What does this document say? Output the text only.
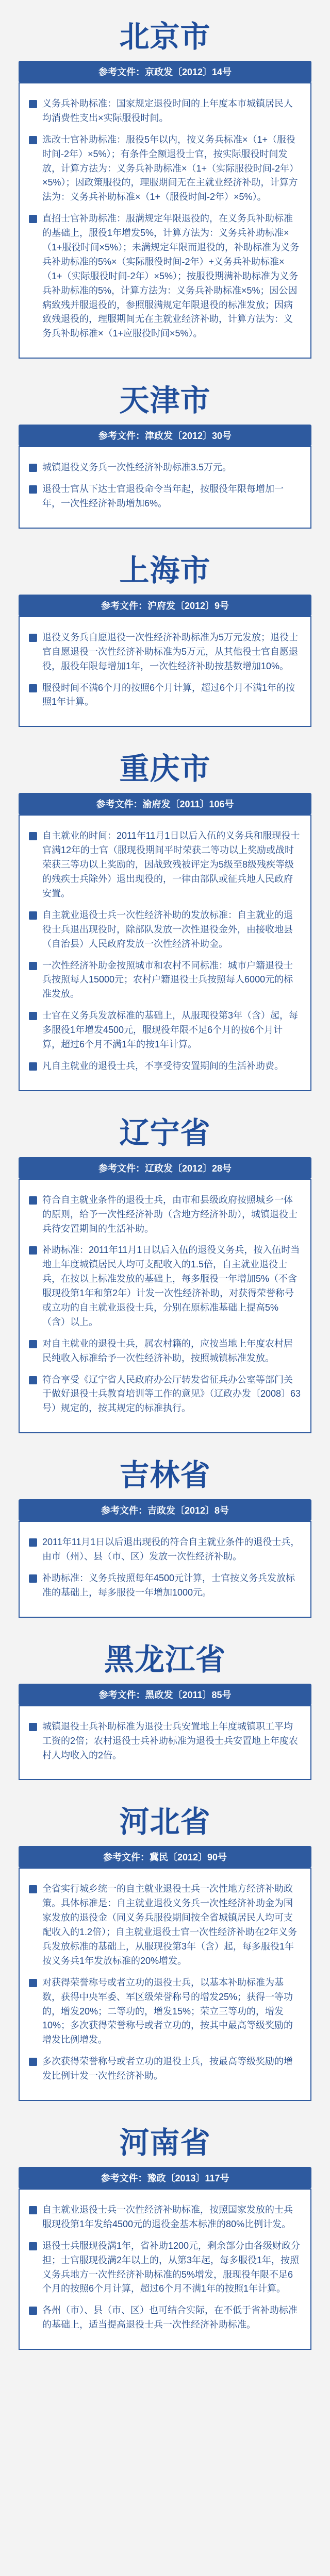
北京市
参考文件：京政发〔2012〕14号
义务兵补助标准：国家规定退役时间的上年度本市城镇居民人均消费性支出×实际服役时间。
选改士官补助标准：服役5年以内，按义务兵标准×（1+（服役时间-2年）×5%）；有条件全额退役士官，按实际服役时间发放，计算方法为：义务兵补助标准×（1+（实际服役时间-2年）×5%）；因政策服役的，理服期间无在主就业经济补助，计算方法为：义务兵补助标准×（1+（服役时间-2年）×5%）。
直招士官补助标准：服满规定年限退役的，在义务兵补助标准的基础上，服役1年增发5%，计算方法为：义务兵补助标准×（1+服役时间×5%）；未满规定年限而退役的，补助标准为义务兵补助标准的5%×（实际服役时间-2年）+义务兵补助标准×（1+（实际服役时间-2年）×5%）；按服役期满补助标准为义务兵补助标准的5%，计算方法为：义务兵补助标准×5%；因公因病致残并服退役的，参照服满规定年限退役的标准发放；因病致残退役的，理服期间无在主就业经济补助，计算方法为：义务兵补助标准×（1+应服役时间×5%）。
天津市
参考文件：津政发〔2012〕30号
城镇退役义务兵一次性经济补助标准3.5万元。
退役士官从下达士官退役命令当年起，按服役年限每增加一年，一次性经济补助增加6%。
上海市
参考文件：沪府发〔2012〕9号
退役义务兵自愿退役一次性经济补助标准为5万元发放；退役士官自愿退役一次性经济补助标准为5万元，从其他役士官自愿退役，服役年限每增加1年，一次性经济补助按基数增加10%。
服役时间不满6个月的按照6个月计算，超过6个月不满1年的按照1年计算。
重庆市
参考文件：渝府发〔2011〕106号
自主就业的时间：2011年11月1日以后入伍的义务兵和服现役士官满12年的士官（服现役期间平时荣获二等功以上奖励或战时荣获三等功以上奖励的，因战致残被评定为5级至8级残疾等级的残疾士兵除外）退出现役的，一律由部队或征兵地人民政府安置。
自主就业退役士兵一次性经济补助的发放标准：自主就业的退役士兵退出现役时，除部队发放一次性退役金外，由接收地县（自治县）人民政府发放一次性经济补助金。
一次性经济补助金按照城市和农村不同标准：城市户籍退役士兵按照每人15000元；农村户籍退役士兵按照每人6000元的标准发放。
士官在义务兵发放标准的基础上，从服现役第3年（含）起，每多服役1年增发4500元，服现役年限不足6个月的按6个月计算，超过6个月不满1年的按1年计算。
凡自主就业的退役士兵，不享受待安置期间的生活补助费。
辽宁省
参考文件：辽政发〔2012〕28号
符合自主就业条件的退役士兵，由市和县级政府按照城乡一体的原则，给予一次性经济补助（含地方经济补助），城镇退役士兵待安置期间的生活补助。
补助标准：2011年11月1日以后入伍的退役义务兵，按入伍时当地上年度城镇居民人均可支配收入的1.5倍，自主就业退役士兵，在按以上标准发放的基础上，每多服役一年增加5%（不含服现役第1年和第2年）计发一次性经济补助，对获得荣誉称号或立功的自主就业退役士兵，分别在原标准基础上提高5%（含）以上。
对自主就业的退役士兵，属农村籍的，应按当地上年度农村居民纯收入标准给予一次性经济补助，按照城镇标准发放。
符合享受《辽宁省人民政府办公厅转发省征兵办公室等部门关于做好退役士兵教育培训等工作的意见》（辽政办发〔2008〕63号）规定的，按其规定的标准执行。
吉林省
参考文件：吉政发〔2012〕8号
2011年11月1日以后退出现役的符合自主就业条件的退役士兵，由市（州）、县（市、区）发放一次性经济补助。
补助标准：义务兵按照每年4500元计算，士官按义务兵发放标准的基础上，每多服役一年增加1000元。
黑龙江省
参考文件：黑政发〔2011〕85号
城镇退役士兵补助标准为退役士兵安置地上年度城镇职工平均工资的2倍；农村退役士兵补助标准为退役士兵安置地上年度农村人均收入的2倍。
河北省
参考文件：冀民〔2012〕90号
全省实行城乡统一的自主就业退役士兵一次性地方经济补助政策。具体标准是：自主就业退役义务兵一次性经济补助金为国家发放的退役金（同义务兵服役期间按全省城镇居民人均可支配收入的1.2倍）；自主就业退役士官一次性经济补助在2年义务兵发放标准的基础上，从服现役第3年（含）起，每多服役1年按义务兵1年发放标准的20%增发。
对获得荣誉称号或者立功的退役士兵，以基本补助标准为基数，获得中央军委、军区级荣誉称号的增发25%；获得一等功的，增发20%；二等功的，增发15%；荣立三等功的，增发10%；多次获得荣誉称号或者立功的，按其中最高等级奖励的增发比例增发。
多次获得荣誉称号或者立功的退役士兵，按最高等级奖励的增发比例计发一次性经济补助。
河南省
参考文件：豫政〔2013〕117号
自主就业退役士兵一次性经济补助标准，按照国家发放的士兵服现役第1年发给4500元的退役金基本标准的80%比例计发。
退役士兵服现役满1年，省补助1200元，剩余部分由各级财政分担；士官服现役满2年以上的，从第3年起，每多服役1年，按照义务兵地方一次性经济补助标准的5%增发，服现役年限不足6个月的按照6个月计算，超过6个月不满1年的按照1年计算。
各州（市）、县（市、区）也可结合实际，在不低于省补助标准的基础上，适当提高退役士兵一次性经济补助标准。
